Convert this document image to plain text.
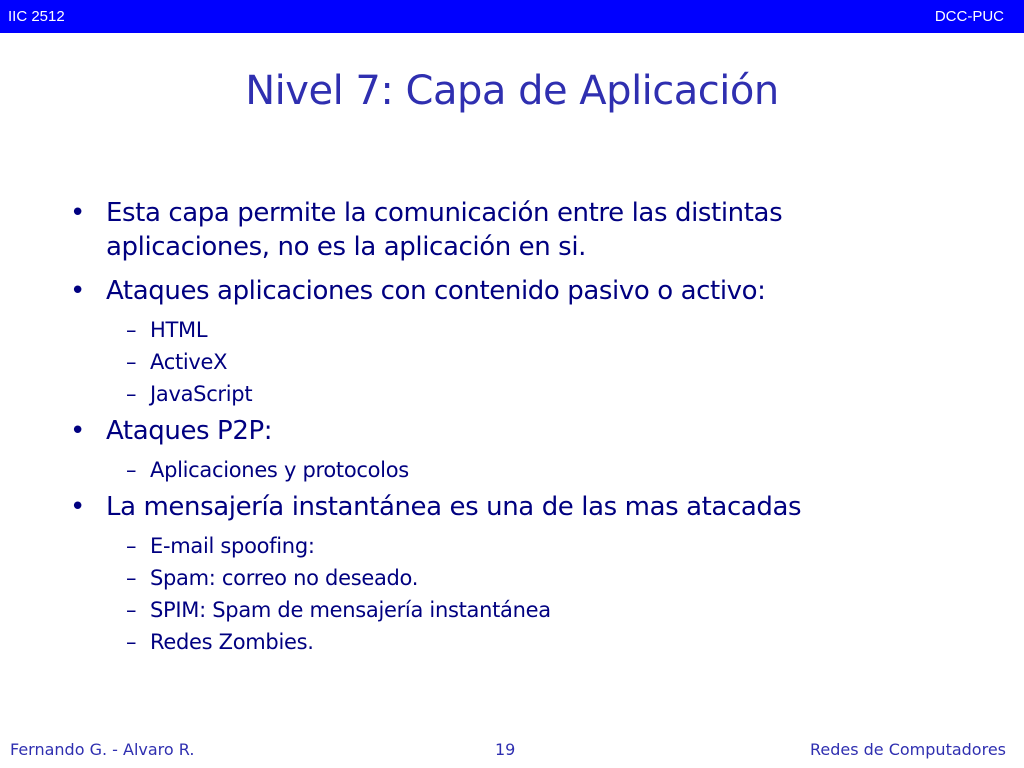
IIC 2512	DCC-PUC
Nivel 7: Capa de Aplicación
• Esta capa permite la comunicación entre las distintas aplicaciones, no es la aplicación en si.
• Ataques aplicaciones con contenido pasivo o activo:
– HTML
– ActiveX
– JavaScript
• Ataques P2P:
– Aplicaciones y protocolos
• La mensajería instantánea es una de las mas atacadas
– E-mail spoofing:
– Spam: correo no deseado.
– SPIM: Spam de mensajería instantánea
– Redes Zombies.
Fernando G. - Alvaro R.	19	Redes de Computadores
